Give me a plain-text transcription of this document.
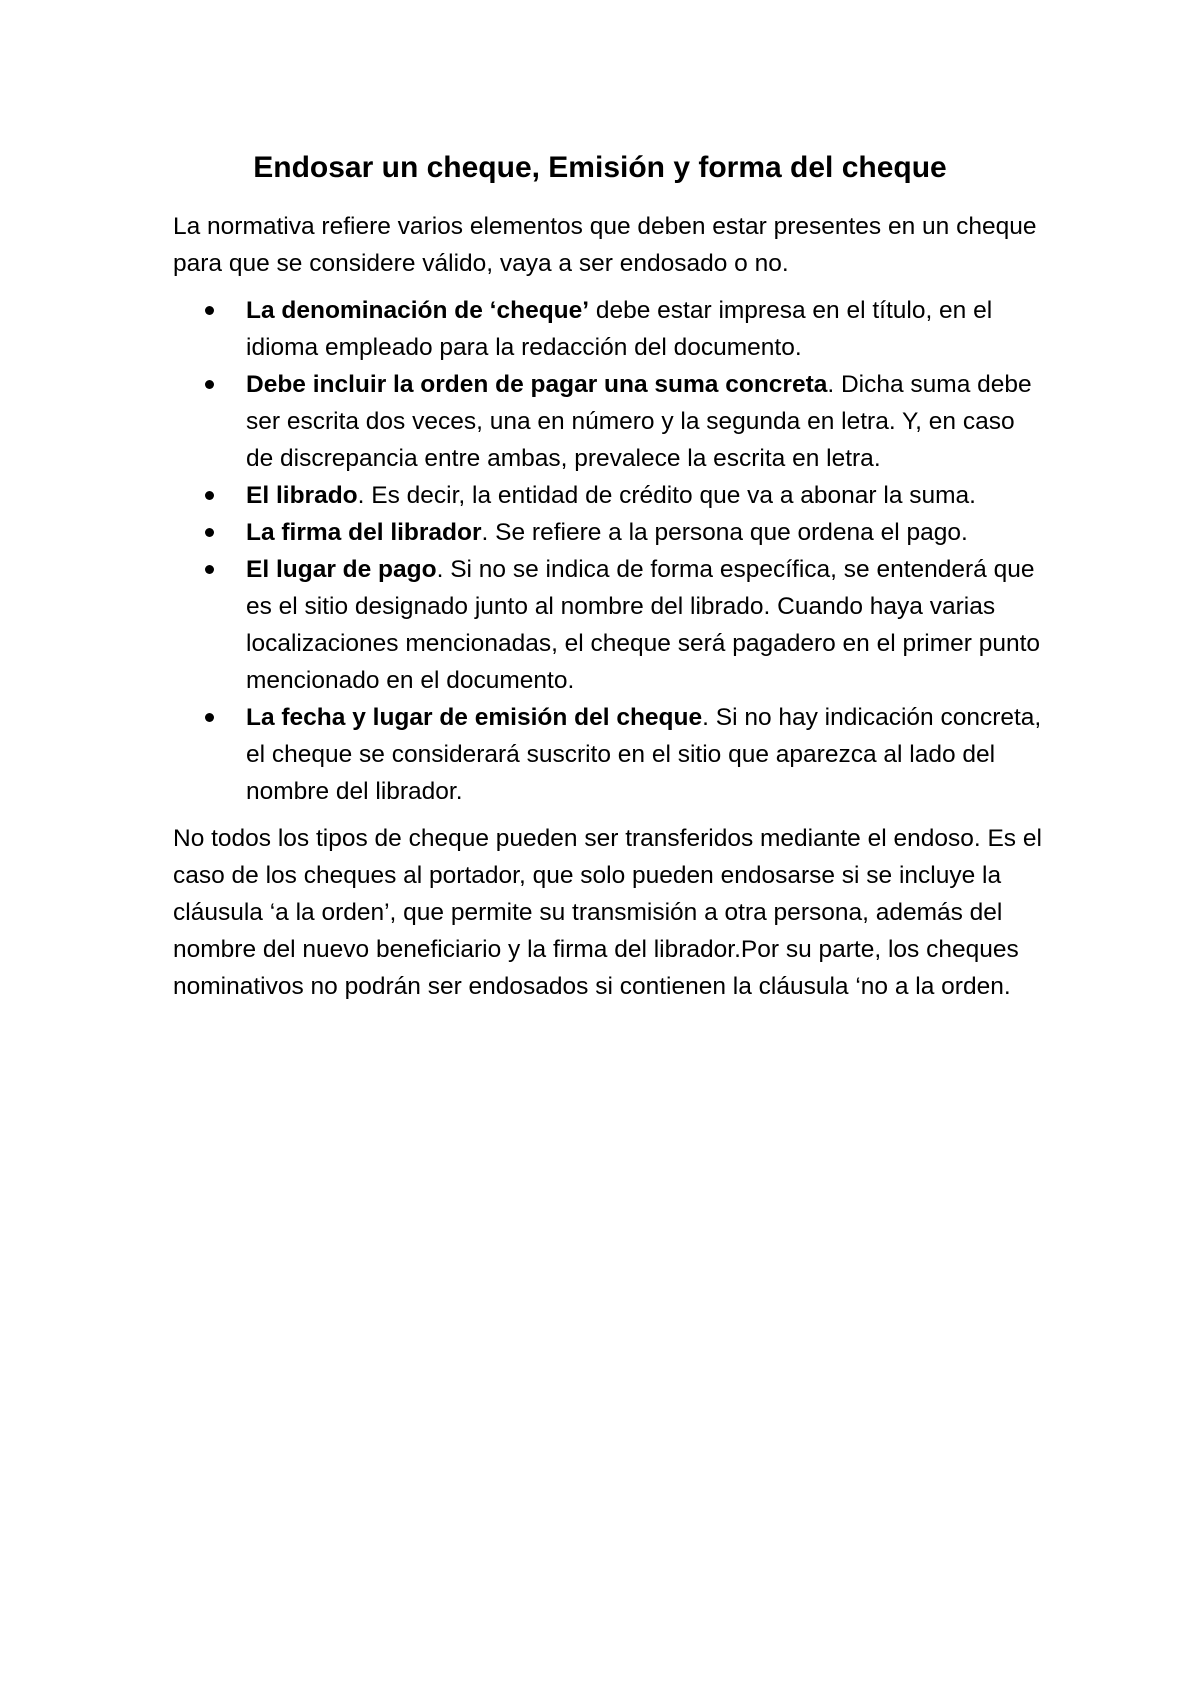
Endosar un cheque, Emisión y forma del cheque

La normativa refiere varios elementos que deben estar presentes en un cheque para que se considere válido, vaya a ser endosado o no.

La denominación de ‘cheque’ debe estar impresa en el título, en el idioma empleado para la redacción del documento.
Debe incluir la orden de pagar una suma concreta. Dicha suma debe ser escrita dos veces, una en número y la segunda en letra. Y, en caso de discrepancia entre ambas, prevalece la escrita en letra.
El librado. Es decir, la entidad de crédito que va a abonar la suma.
La firma del librador. Se refiere a la persona que ordena el pago.
El lugar de pago. Si no se indica de forma específica, se entenderá que es el sitio designado junto al nombre del librado. Cuando haya varias localizaciones mencionadas, el cheque será pagadero en el primer punto mencionado en el documento.
La fecha y lugar de emisión del cheque. Si no hay indicación concreta, el cheque se considerará suscrito en el sitio que aparezca al lado del nombre del librador.

No todos los tipos de cheque pueden ser transferidos mediante el endoso. Es el caso de los cheques al portador, que solo pueden endosarse si se incluye la cláusula ‘a la orden’, que permite su transmisión a otra persona, además del nombre del nuevo beneficiario y la firma del librador.Por su parte, los cheques nominativos no podrán ser endosados si contienen la cláusula ‘no a la orden.
